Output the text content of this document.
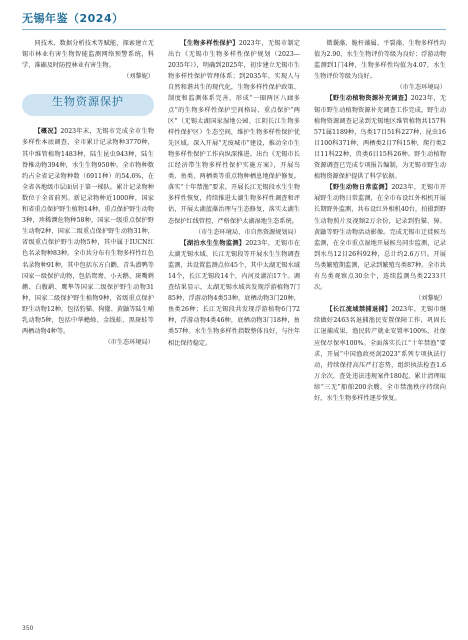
无锡年鉴（2024）

同技术、数据分析技术等赋能，探索建立无锡市林业有害生物智能监测网络预警系统，科学、准确及时防控林业有害生物。

（刘黎妮）

生物资源保护

【概况】2023年末，无锡市完成全市生物多样性本底调查，全市累计记录物种3770种，其中维管植物1483种，陆生昆虫943种，陆生脊椎动物394种，水生生物950种。全市物种数约占全省记录物种数（6911种）的54.6%，在全省各地级市层面居于第一梯队。累计记录物种数位于全省前列。新记录物种近1000种，国家和省重点保护野生植物14种，重点保护野生动物3种，珍稀濒危物种58种，国家一级重点保护野生动物2种，国家二级重点保护野生动物31种，省级重点保护野生动物5种，其中属于IUCN红色名录物种83种。全市共分布有生物多样性红色名录物种91种，其中包括东方白鹳、青头潜鸭等国家一级保护动物，包括鸳鸯、小天鹅、斑嘴鹈鹕、白腹鹞、鹰隼等国家二级保护野生动物31种，国家二级保护野生植物9种，省级重点保护野生动物12种，包括豹猫、狗獾、黄鼬等陆生哺乳动物5种，包括中华蟾蜍、金线蛙、黑斑蛙等两栖动物4种等。

（市生态环境局）

【生物多样性保护】2023年，无锡市制定出台《无锡市生物多样性保护规划（2023—2035年）》，明确到2025年，初步建立无锡市生物多样性保护管理体系；到2035年，实现人与自然和谐共生的现代化，生物多样性保护政策、制度和监测体系完善，形成“一圈两区八廊多点”的生物多样性保护空间格局，重点保护“两区”（无锡太湖国家湿地公园、江阴长江生物多样性保护区）生态空间，维护生物多样性保护优先区域。深入开展“无废城市”建设，推动全市生物多样性保护工作向纵深推进。出台《无锡市长江经济带生物多样性保护实施方案》，开展鸟类、鱼类、两栖类等重点物种栖息地保护修复。落实“十年禁渔”要求，开展长江无锡段水生生物多样性恢复，持续推进太湖生物多样性调查和评估，开展太湖蓝藻治理与生态修复，落实太湖生态保护红线管控，严格保护太湖湿地生态系统。

（市生态环境局、市自然资源规划局）

【湖泊水生生物监测】2023年，无锡市在太湖无锡水域、长江无锡段等开展水生生物调查监测，共设置监测点位45个，其中太湖无锡水域14个，长江无锡段14个，内河及湖泊17个。调查结果显示，太湖无锡水域共发现浮游植物7门85种，浮游动物4类53种，底栖动物3门20种，鱼类26种；长江无锡段共发现浮游植物6门72种，浮游动物4类46种，底栖动物3门18种，鱼类57种。水生生物多样性指数整体良好，与往年相比保持稳定。

微囊藻、脆杆藻属、平裂藻、生物多样性均值为2.90，水生生物评价等级为良好；浮游动物监测到1门4种，生物多样性均值为4.07，水生生物评价等级为良好。

（市生态环境局）

【野生动植物资源补充调查】2023年，无锡市野生动植物资源补充调查工作完成。野生动植物资源调查记录到无锡地区维管植物共157科571属1189种，鸟类17目51科227种，昆虫16目100科371种，两栖类2目7科15种，爬行类2目11科22种，兽类6目15科26种。野生动植物资源调查已完成专项报告编制，为无锡市野生动植物资源保护提供了科学依据。

【野生动物日常监测】2023年，无锡市开展野生动物日常监测，在全市布设红外相机开展长期野外监测，共布设红外相机40台，拍摄到野生动物照片及视频2万余份，记录到豹猫、獐、黄鼬等野生动物活动影像。完成无锡市迁徙候鸟监测，在全市重点湿地开展候鸟同步监测，记录到水鸟12目26科92种，总计约2.6万只。开展鸟类繁殖期监测，记录到繁殖鸟类87种。全市共有鸟类观察点30余个，连续监测鸟类2233只次。

（刘黎妮）

【长江流域禁捕退捕】2023年，无锡市继续做好2463名退捕渔民安置保障工作，巩固长江退捕成果，渔民转产就业安置率100%，社保应保尽保率100%。全面落实长江“十年禁渔”要求，开展“中国渔政亮剑2023”系列专项执法行动，持续保持高压严打态势，组织执法检查1.6万余次，查处违法违规案件180起，累计清理取缔“三无”船舶200余艘，全市禁渔秩序持续向好，水生生物多样性逐步恢复。

350
